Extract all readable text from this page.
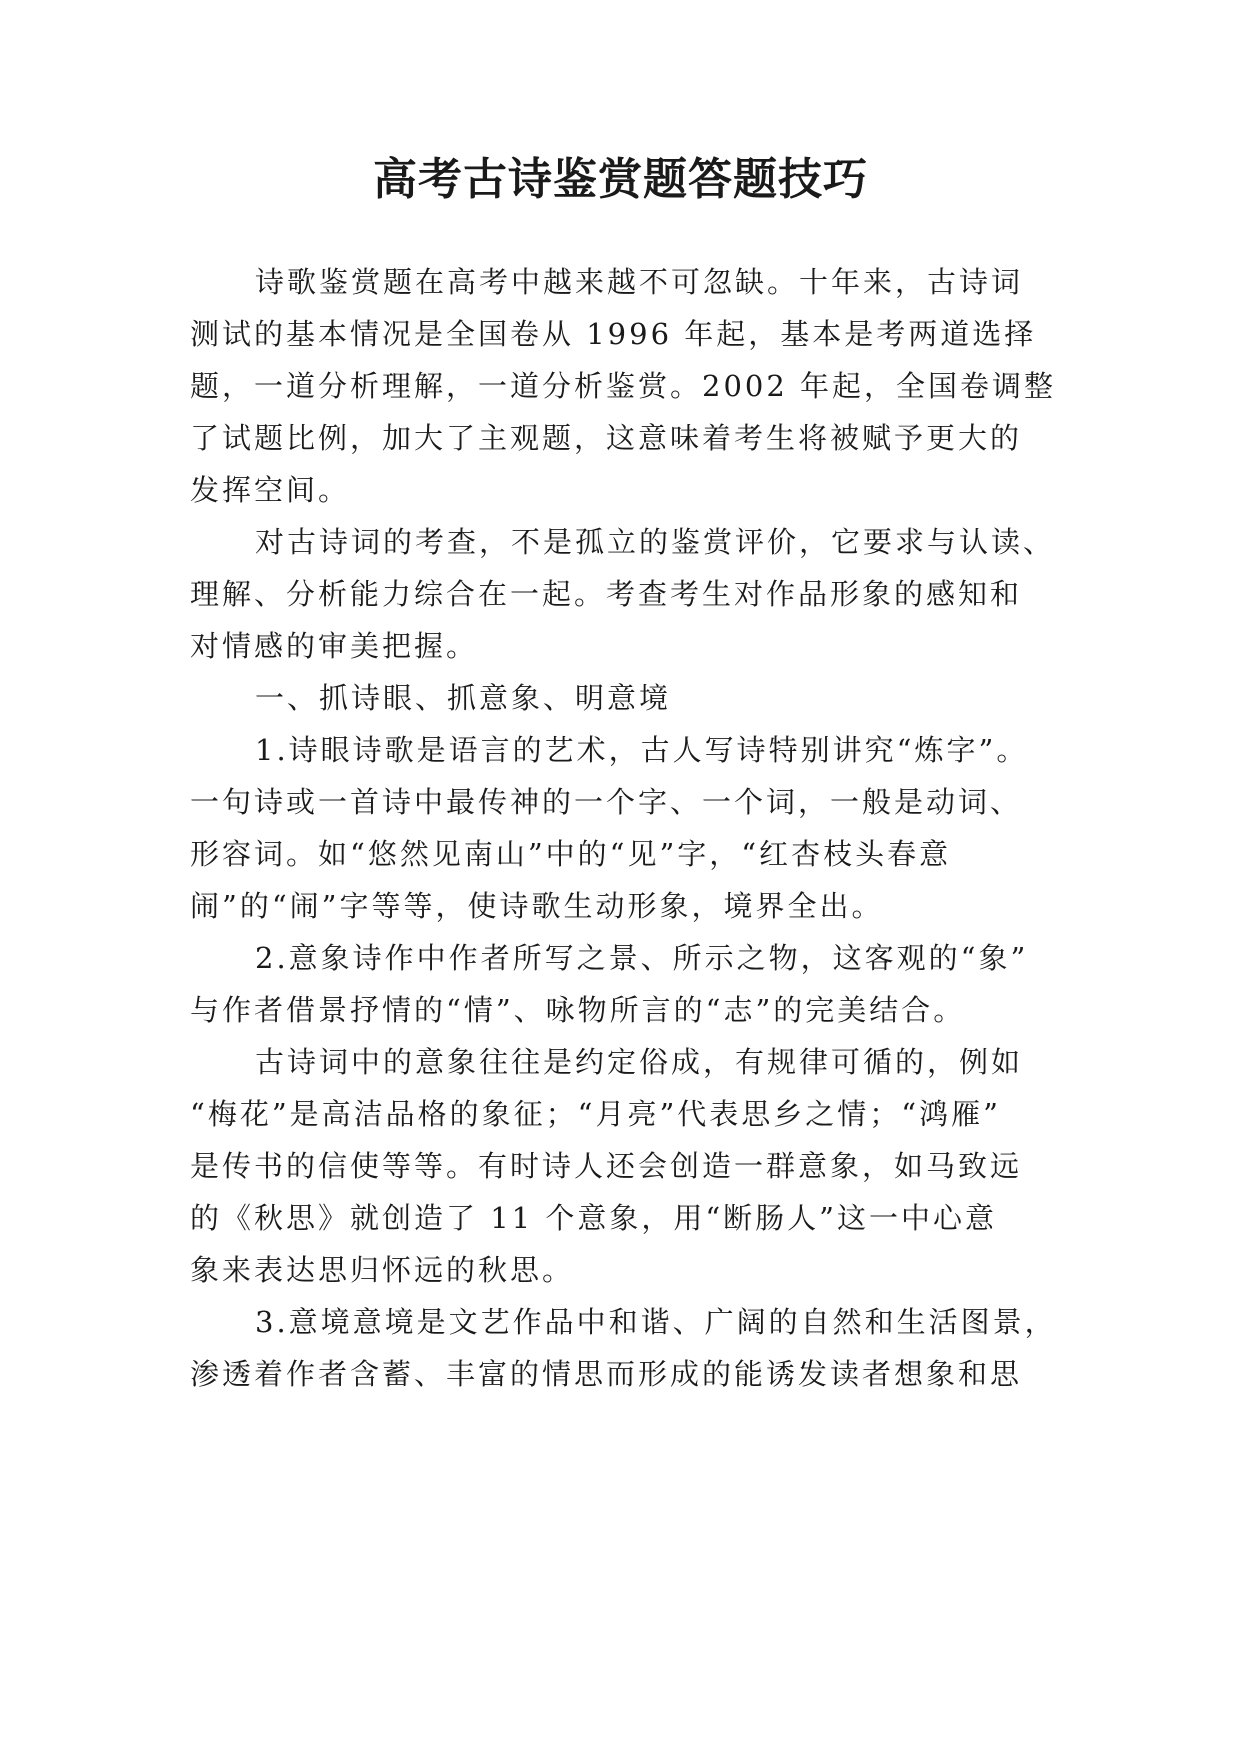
高考古诗鉴赏题答题技巧
诗歌鉴赏题在高考中越来越不可忽缺。十年来，古诗词
测试的基本情况是全国卷从 1996 年起，基本是考两道选择
题，一道分析理解，一道分析鉴赏。2002 年起，全国卷调整
了试题比例，加大了主观题，这意味着考生将被赋予更大的
发挥空间。
对古诗词的考查，不是孤立的鉴赏评价，它要求与认读、
理解、分析能力综合在一起。考查考生对作品形象的感知和
对情感的审美把握。
一、抓诗眼、抓意象、明意境
1.诗眼诗歌是语言的艺术，古人写诗特别讲究“炼字”。
一句诗或一首诗中最传神的一个字、一个词，一般是动词、
形容词。如“悠然见南山”中的“见”字，“红杏枝头春意
闹”的“闹”字等等，使诗歌生动形象，境界全出。
2.意象诗作中作者所写之景、所示之物，这客观的“象”
与作者借景抒情的“情”、咏物所言的“志”的完美结合。
古诗词中的意象往往是约定俗成，有规律可循的，例如
“梅花”是高洁品格的象征；“月亮”代表思乡之情；“鸿雁”
是传书的信使等等。有时诗人还会创造一群意象，如马致远
的《秋思》就创造了 11 个意象，用“断肠人”这一中心意
象来表达思归怀远的秋思。
3.意境意境是文艺作品中和谐、广阔的自然和生活图景，
渗透着作者含蓄、丰富的情思而形成的能诱发读者想象和思
